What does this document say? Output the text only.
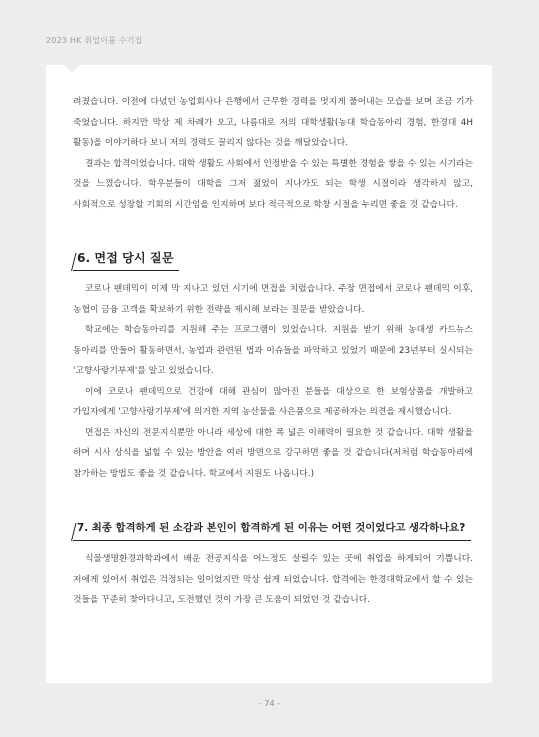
2023 HK 취업이룸 수기집

려졌습니다. 이전에 다녔던 농업회사나 은행에서 근무한 경력을 멋지게 풀어내는 모습을 보며 조금 기가 죽었습니다. 하지만 막상 제 차례가 오고, 나름대로 저의 대학생활(농대 학습동아리 경험, 한경대 4H 활동)을 이야기하다 보니 저의 경력도 꿀리지 않다는 것을 깨달았습니다.

결과는 합격이었습니다. 대학 생활도 사회에서 인정받을 수 있는 특별한 경험을 쌓을 수 있는 시기라는 것을 느꼈습니다. 학우분들이 대학을 그저 젊었이 지나가도 되는 학생 시절이라 생각하지 않고, 사회적으로 성장할 기회의 시간임을 인지하며 보다 적극적으로 학창 시절을 누리면 좋을 것 같습니다.

6. 면접 당시 질문

코로나 팬데믹이 이제 막 지나고 있던 시기에 면접을 치렀습니다. 주장 면접에서 코로나 팬데믹 이후, 농협이 금융 고객을 확보하기 위한 전략을 제시해 보라는 질문을 받았습니다.

학교에는 학습동아리를 지원해 주는 프로그램이 있었습니다. 지원을 받기 위해 농대생 카드뉴스 동아리를 만들어 활동하면서, 농업과 관련된 법과 이슈들을 파악하고 있었기 때문에 23년부터 실시되는 '고향사랑기부제'를 알고 있었습니다.

이에 코로나 팬데믹으로 건강에 대해 관심이 많아진 분들을 대상으로 한 보험상품을 개발하고 가입자에게 '고향사랑기부제'에 의거한 지역 농산물을 사은품으로 제공하자는 의견을 제시했습니다.

면접은 자신의 전문지식뿐만 아니라 세상에 대한 폭 넓은 이해력이 필요한 것 같습니다. 대학 생활을 하며 시사 상식을 넓힐 수 있는 방안을 여러 방면으로 강구하면 좋을 것 같습니다(저처럼 학습동아리에 참가하는 방법도 좋을 것 같습니다. 학교에서 지원도 나옵니다.)

7. 최종 합격하게 된 소감과 본인이 합격하게 된 이유는 어떤 것이었다고 생각하나요?

식물생명환경과학과에서 배운 전공지식을 어느정도 살릴수 있는 곳에 취업을 하게되어 기쁩니다. 저에게 있어서 취업은 걱정되는 일이었지만 막상 쉽게 되었습니다. 합격에는 한경대학교에서 할 수 있는 것들을 꾸준히 찾아다니고, 도전했던 것이 가장 큰 도움이 되었던 것 같습니다.

- 74 -
